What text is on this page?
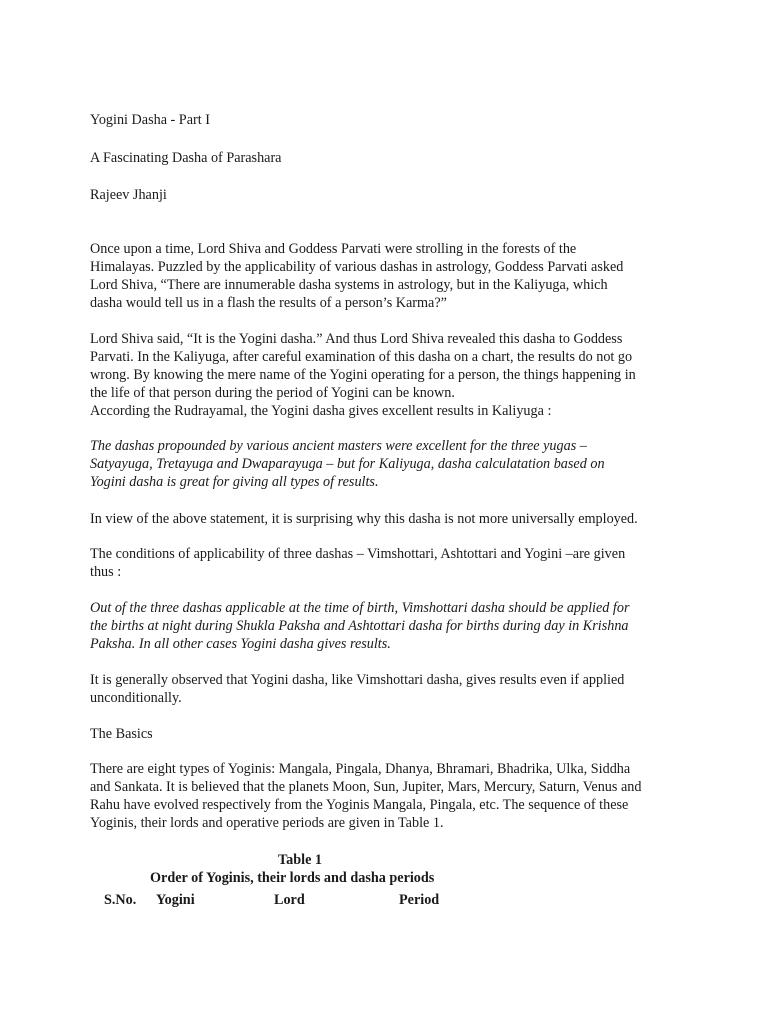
Yogini Dasha - Part I

A Fascinating Dasha of Parashara

Rajeev Jhanji

Once upon a time, Lord Shiva and Goddess Parvati were strolling in the forests of the
Himalayas. Puzzled by the applicability of various dashas in astrology, Goddess Parvati asked
Lord Shiva, “There are innumerable dasha systems in astrology, but in the Kaliyuga, which
dasha would tell us in a flash the results of a person’s Karma?”
Lord Shiva said, “It is the Yogini dasha.” And thus Lord Shiva revealed this dasha to Goddess
Parvati. In the Kaliyuga, after careful examination of this dasha on a chart, the results do not go
wrong. By knowing the mere name of the Yogini operating for a person, the things happening in
the life of that person during the period of Yogini can be known.
According the Rudrayamal, the Yogini dasha gives excellent results in Kaliyuga :
The dashas propounded by various ancient masters were excellent for the three yugas –
Satyayuga, Tretayuga and Dwaparayuga – but for Kaliyuga, dasha calculatation based on
Yogini dasha is great for giving all types of results.
In view of the above statement, it is surprising why this dasha is not more universally employed.
The conditions of applicability of three dashas – Vimshottari, Ashtottari and Yogini –are given
thus :
Out of the three dashas applicable at the time of birth, Vimshottari dasha should be applied for
the births at night during Shukla Paksha and Ashtottari dasha for births during day in Krishna
Paksha. In all other cases Yogini dasha gives results.
It is generally observed that Yogini dasha, like Vimshottari dasha, gives results even if applied
unconditionally.
The Basics
There are eight types of Yoginis: Mangala, Pingala, Dhanya, Bhramari, Bhadrika, Ulka, Siddha
and Sankata. It is believed that the planets Moon, Sun, Jupiter, Mars, Mercury, Saturn, Venus and
Rahu have evolved respectively from the Yoginis Mangala, Pingala, etc. The sequence of these
Yoginis, their lords and operative periods are given in Table 1.
Table 1
Order of Yoginis, their lords and dasha periods
S.No. Yogini	Lord	Period
